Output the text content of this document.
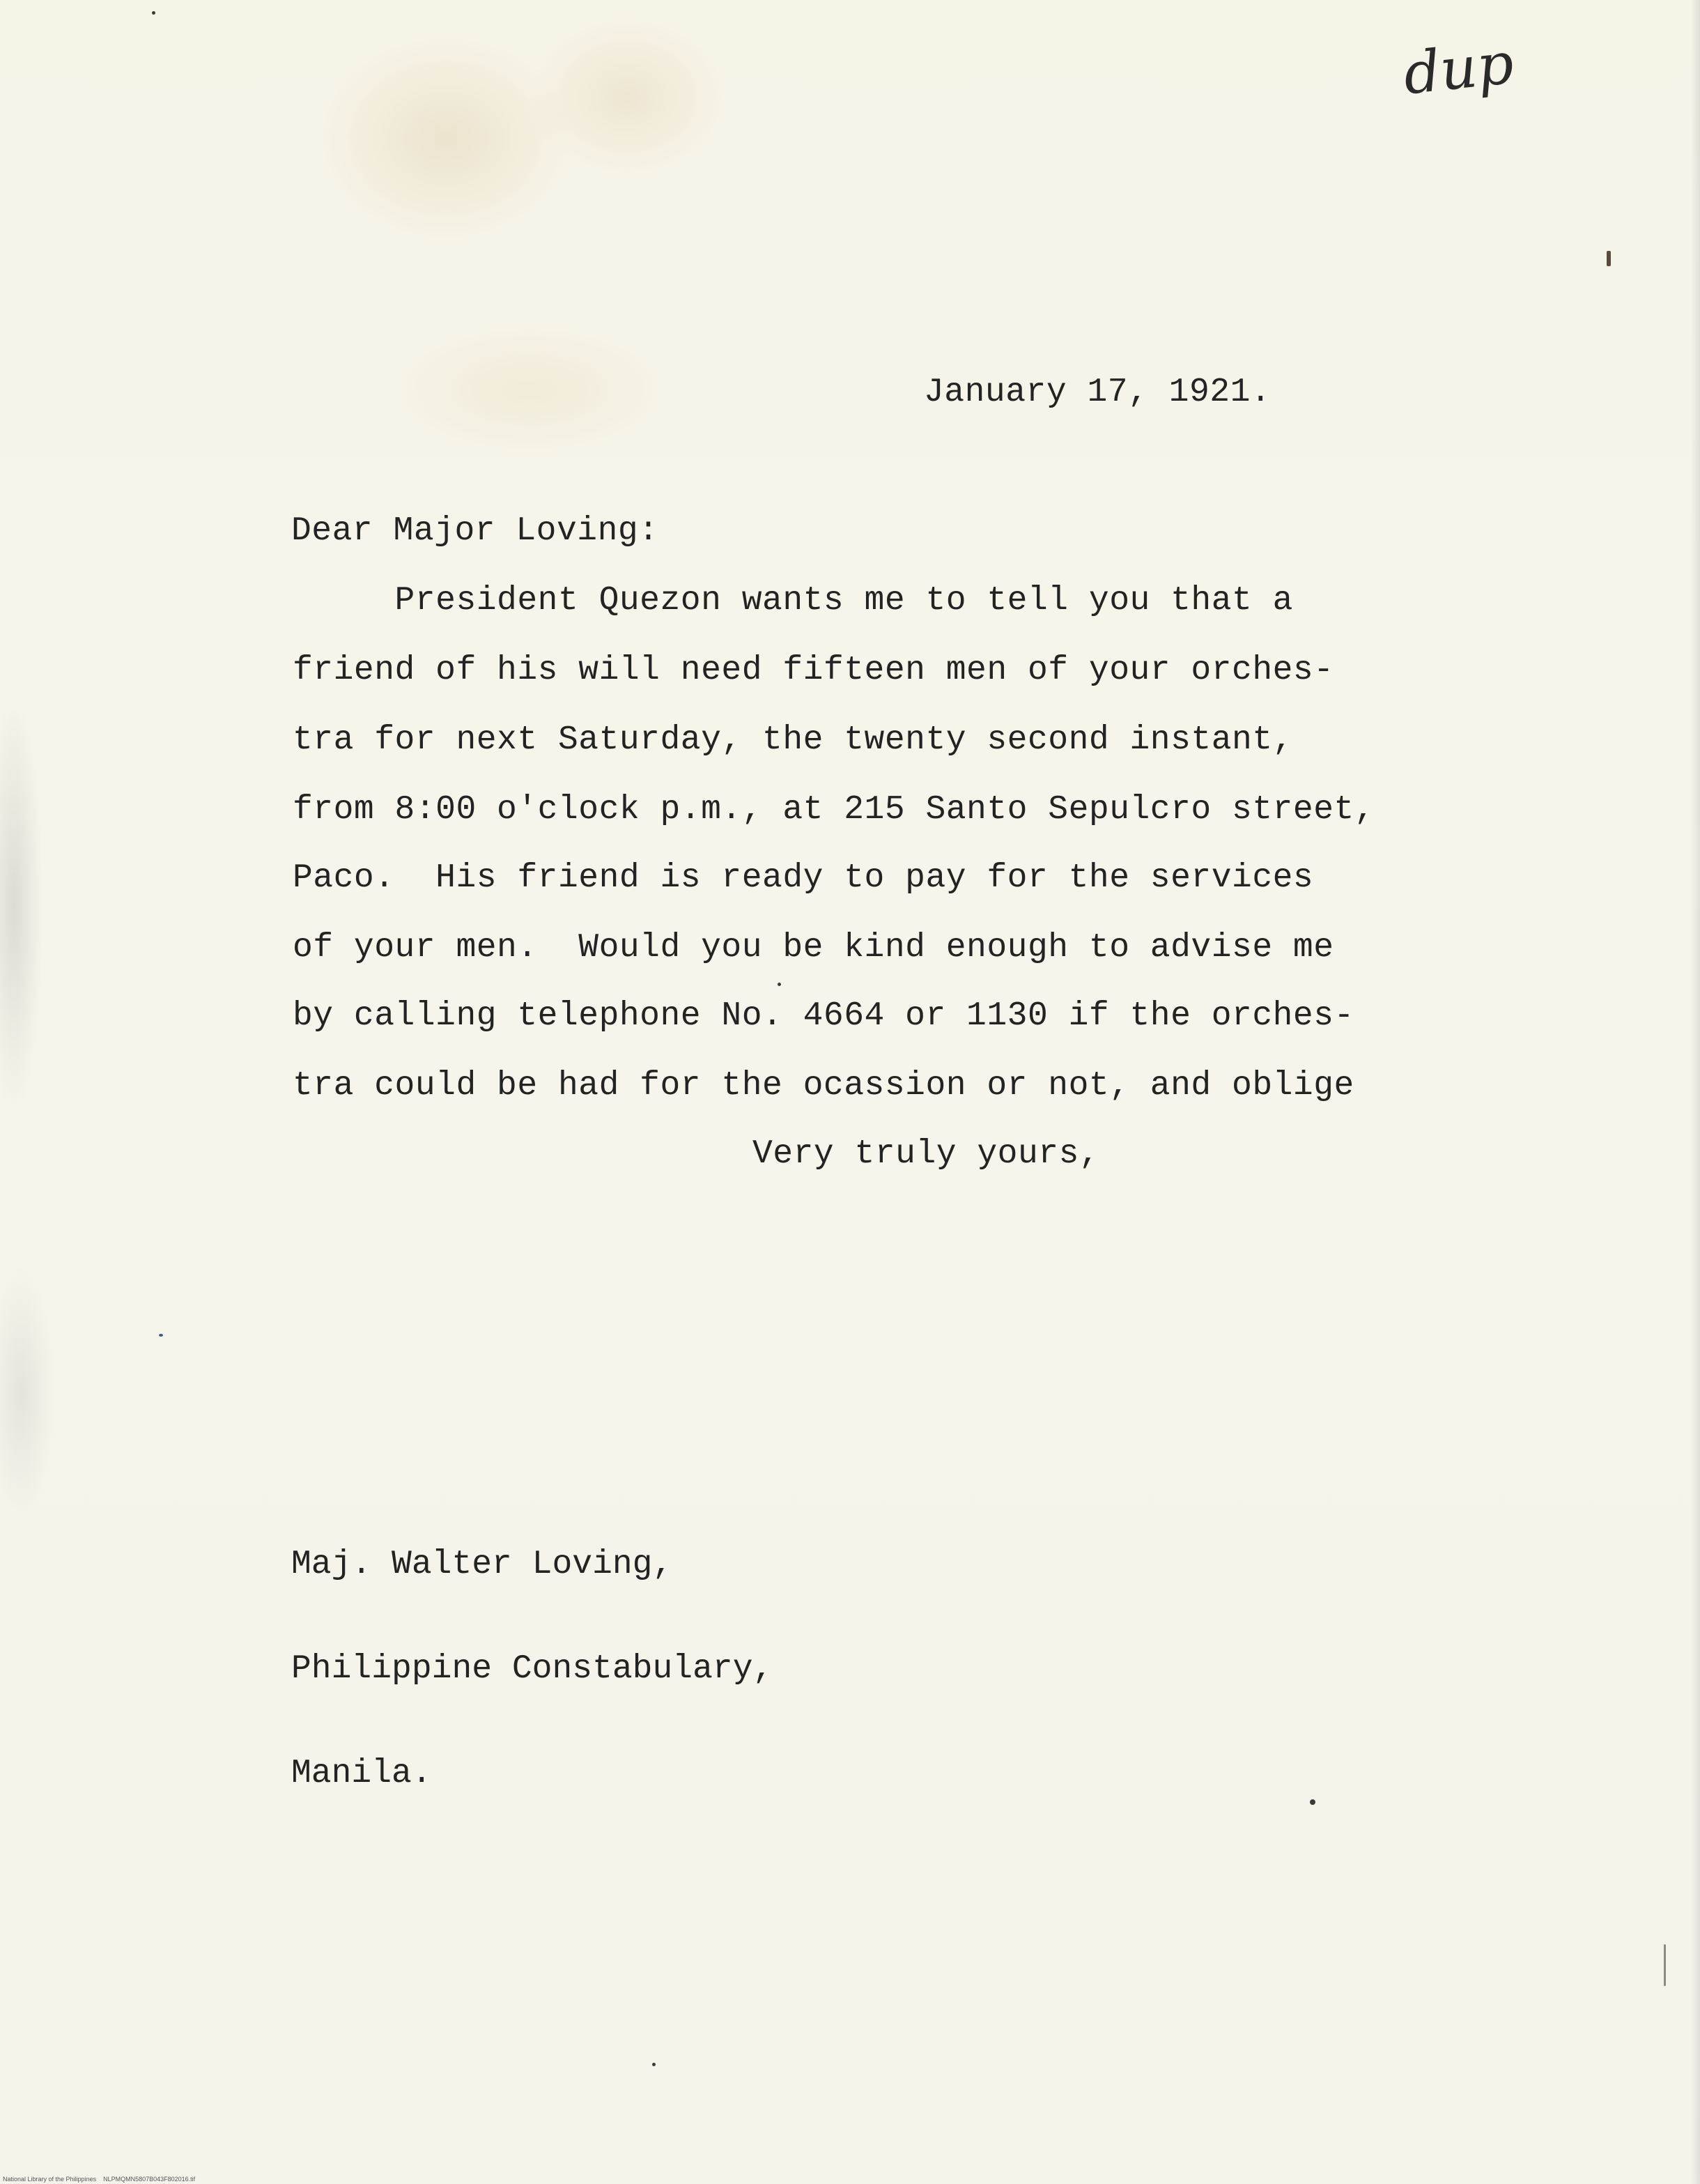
dup
January 17, 1921.
Dear Major Loving:
President Quezon wants me to tell you that a
friend of his will need fifteen men of your orches-
tra for next Saturday, the twenty second instant,
from 8:00 o'clock p.m., at 215 Santo Sepulcro street,
Paco.  His friend is ready to pay for the services
of your men.  Would you be kind enough to advise me
by calling telephone No. 4664 or 1130 if the orches-
tra could be had for the ocassion or not, and oblige
Very truly yours,

Maj. Walter Loving,

Philippine Constabulary,

Manila.

National Library of the Philippines NLPMQMN5807B043F802016.tif
